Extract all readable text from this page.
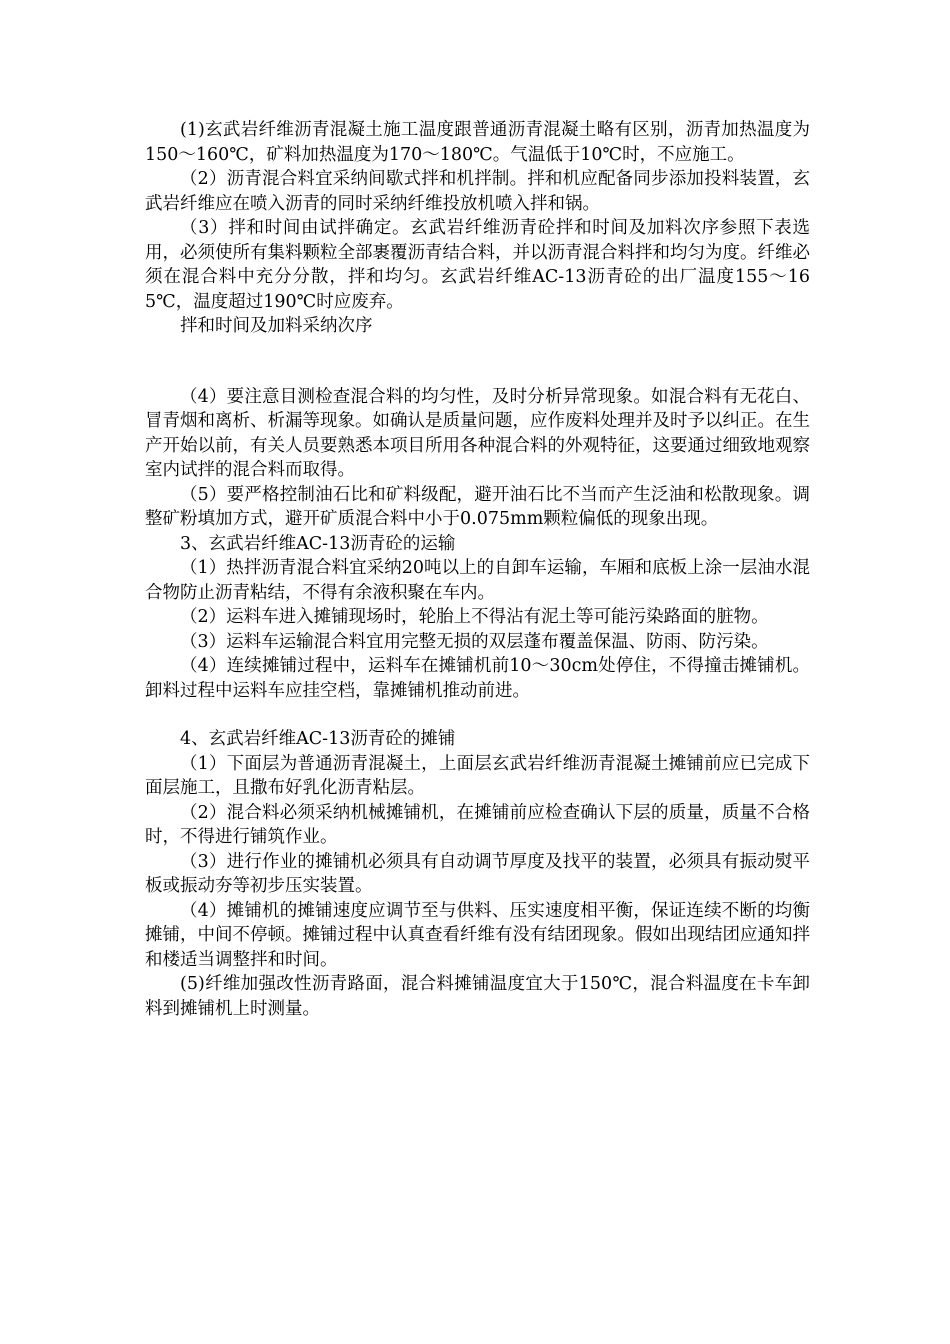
(1)玄武岩纤维沥青混凝土施工温度跟普通沥青混凝土略有区别，沥青加热温度为150～160℃，矿料加热温度为170～180℃。气温低于10℃时，不应施工。

（2）沥青混合料宜采纳间歇式拌和机拌制。拌和机应配备同步添加投料装置，玄武岩纤维应在喷入沥青的同时采纳纤维投放机喷入拌和锅。

（3）拌和时间由试拌确定。玄武岩纤维沥青砼拌和时间及加料次序参照下表选用，必须使所有集料颗粒全部裹覆沥青结合料，并以沥青混合料拌和均匀为度。纤维必须在混合料中充分分散，拌和均匀。玄武岩纤维AC-13沥青砼的出厂温度155～165℃，温度超过190℃时应废弃。

拌和时间及加料采纳次序

（4）要注意目测检查混合料的均匀性，及时分析异常现象。如混合料有无花白、冒青烟和离析、析漏等现象。如确认是质量问题，应作废料处理并及时予以纠正。在生产开始以前，有关人员要熟悉本项目所用各种混合料的外观特征，这要通过细致地观察室内试拌的混合料而取得。

（5）要严格控制油石比和矿料级配，避开油石比不当而产生泛油和松散现象。调整矿粉填加方式，避开矿质混合料中小于0.075mm颗粒偏低的现象出现。

3、玄武岩纤维AC-13沥青砼的运输

（1）热拌沥青混合料宜采纳20吨以上的自卸车运输，车厢和底板上涂一层油水混合物防止沥青粘结，不得有余液积聚在车内。

（2）运料车进入摊铺现场时，轮胎上不得沾有泥土等可能污染路面的脏物。

（3）运料车运输混合料宜用完整无损的双层蓬布覆盖保温、防雨、防污染。

（4）连续摊铺过程中，运料车在摊铺机前10～30cm处停住，不得撞击摊铺机。卸料过程中运料车应挂空档，靠摊铺机推动前进。

4、玄武岩纤维AC-13沥青砼的摊铺

（1）下面层为普通沥青混凝土，上面层玄武岩纤维沥青混凝土摊铺前应已完成下面层施工，且撒布好乳化沥青粘层。

（2）混合料必须采纳机械摊铺机，在摊铺前应检查确认下层的质量，质量不合格时，不得进行铺筑作业。

（3）进行作业的摊铺机必须具有自动调节厚度及找平的装置，必须具有振动熨平板或振动夯等初步压实装置。

（4）摊铺机的摊铺速度应调节至与供料、压实速度相平衡，保证连续不断的均衡摊铺，中间不停顿。摊铺过程中认真查看纤维有没有结团现象。假如出现结团应通知拌和楼适当调整拌和时间。

(5)纤维加强改性沥青路面，混合料摊铺温度宜大于150℃，混合料温度在卡车卸料到摊铺机上时测量。
